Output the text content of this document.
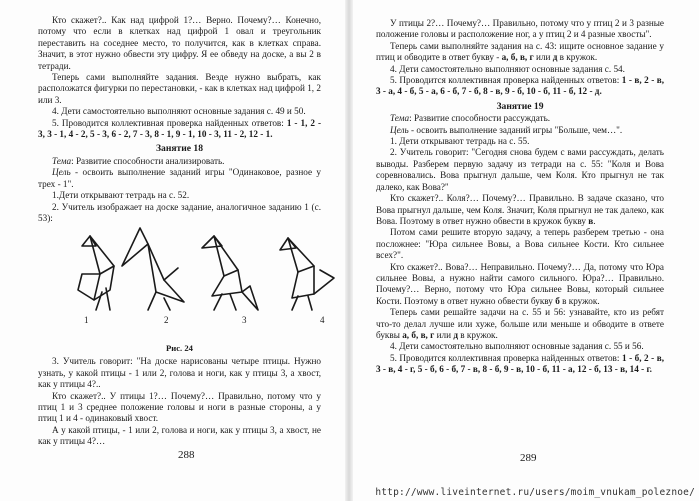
Кто скажет?.. Как над цифрой 1?… Верно. Почему?… Конечно, потому что если в клетках над цифрой 1 овал и треугольник переставить на соседнее место, то получится, как в клетках справа. Значит, в этот нужно обвести эту цифру. Я ее обведу на доске, а вы 2 в тетради.

Теперь сами выполняйте задания. Везде нужно выбрать, как расположатся фигурки по перестановки, - как в клетках над цифрой 1, 2 или 3.

4. Дети самостоятельно выполняют основные задания с. 49 и 50.

5. Проводится коллективная проверка найденных ответов: 1 - 1, 2 - 3, 3 - 1, 4 - 2, 5 - 3, 6 - 2, 7 - 3, 8 - 1, 9 - 1, 10 - 3, 11 - 2, 12 - 1.

Занятие 18

Тема: Развитие способности анализировать.

Цель - освоить выполнение заданий игры "Одинаковое, разное у трех - 1".

1.Дети открывают тетрадь на с. 52.

2. Учитель изображает на доске задание, аналогичное заданию 1 (с. 53):

1	2	3	4

Рис. 24

3. Учитель говорит: "На доске нарисованы четыре птицы. Нужно узнать, у какой птицы - 1 или 2, голова и ноги, как у птицы 3, а хвост, как у птицы 4?..

Кто скажет?.. У птицы 1?… Почему?… Правильно, потому что у птиц 1 и 3 среднее положение головы и ноги в разные стороны, а у птиц 1 и 4 - одинаковый хвост.

А у какой птицы, - 1 или 2, голова и ноги, как у птицы 3, а хвост, не как у птицы 4?…

288

У птицы 2?… Почему?… Правильно, потому что у птиц 2 и 3 разные положение головы и расположение ног, а у птиц 2 и 4 разные хвосты".

Теперь сами выполняйте задания на с. 43: ищите основное задание у птиц и обводите в ответ букву - а, б, в, г или д в кружок.

4. Дети самостоятельно выполняют основные задания с. 54.

5. Проводится коллективная проверка найденных ответов: 1 - в, 2 - в, 3 - а, 4 - б, 5 - а, 6 - б, 7 - б, 8 - в, 9 - б, 10 - б, 11 - б, 12 - д.

Занятие 19

Тема: Развитие способности рассуждать.

Цель - освоить выполнение заданий игры "Больше, чем…".

1. Дети открывают тетрадь на с. 55.

2. Учитель говорит: "Сегодня снова будем с вами рассуждать, делать выводы. Разберем первую задачу из тетради на с. 55: "Коля и Вова соревновались. Вова прыгнул дальше, чем Коля. Кто прыгнул не так далеко, как Вова?"

Кто скажет?.. Коля?… Почему?… Правильно. В задаче сказано, что Вова прыгнул дальше, чем Коля. Значит, Коля прыгнул не так далеко, как Вова. Поэтому в ответ нужно обвести в кружок букву в.

Потом сами решите вторую задачу, а теперь разберем третью - она посложнее: "Юра сильнее Вовы, а Вова сильнее Кости. Кто сильнее всех?".

Кто скажет?.. Вова?… Неправильно. Почему?… Да, потому что Юра сильнее Вовы, а нужно найти самого сильного. Юра?… Правильно. Почему?… Верно, потому что Юра сильнее Вовы, который сильнее Кости. Поэтому в ответ нужно обвести букву б в кружок.

Теперь сами решайте задачи на с. 55 и 56: узнавайте, кто из ребят что-то делал лучше или хуже, больше или меньше и обводите в ответе буквы а, б, в, г или д в кружок.

4. Дети самостоятельно выполняют основные задания с. 55 и 56.

5. Проводится коллективная проверка найденных ответов: 1 - б, 2 - в, 3 - в, 4 - г, 5 - б, 6 - б, 7 - в, 8 - б, 9 - в, 10 - б, 11 - а, 12 - б, 13 - в, 14 - г.

289
http://www.liveinternet.ru/users/moim_vnukam_poleznoe/
